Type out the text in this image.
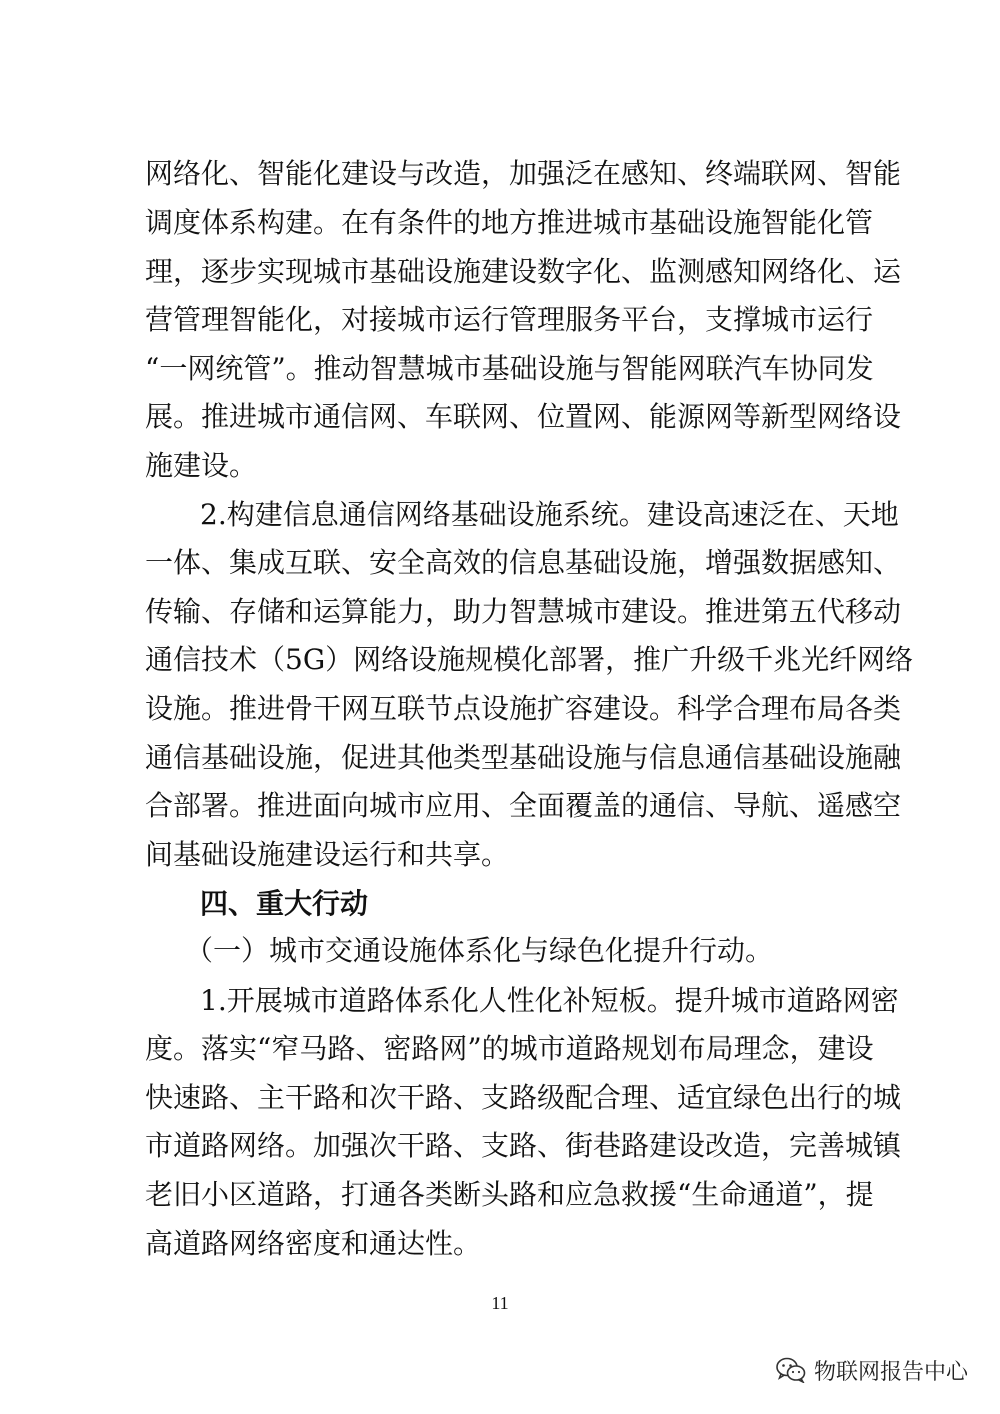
网络化、智能化建设与改造，加强泛在感知、终端联网、智能
调度体系构建。在有条件的地方推进城市基础设施智能化管
理，逐步实现城市基础设施建设数字化、监测感知网络化、运
营管理智能化，对接城市运行管理服务平台，支撑城市运行
“一网统管”。推动智慧城市基础设施与智能网联汽车协同发
展。推进城市通信网、车联网、位置网、能源网等新型网络设
施建设。
2.构建信息通信网络基础设施系统。建设高速泛在、天地
一体、集成互联、安全高效的信息基础设施，增强数据感知、
传输、存储和运算能力，助力智慧城市建设。推进第五代移动
通信技术（5G）网络设施规模化部署，推广升级千兆光纤网络
设施。推进骨干网互联节点设施扩容建设。科学合理布局各类
通信基础设施，促进其他类型基础设施与信息通信基础设施融
合部署。推进面向城市应用、全面覆盖的通信、导航、遥感空
间基础设施建设运行和共享。
四、重大行动
（一）城市交通设施体系化与绿色化提升行动。
1.开展城市道路体系化人性化补短板。提升城市道路网密
度。落实“窄马路、密路网”的城市道路规划布局理念，建设
快速路、主干路和次干路、支路级配合理、适宜绿色出行的城
市道路网络。加强次干路、支路、街巷路建设改造，完善城镇
老旧小区道路，打通各类断头路和应急救援“生命通道”，提
高道路网络密度和通达性。
11
物联网报告中心
